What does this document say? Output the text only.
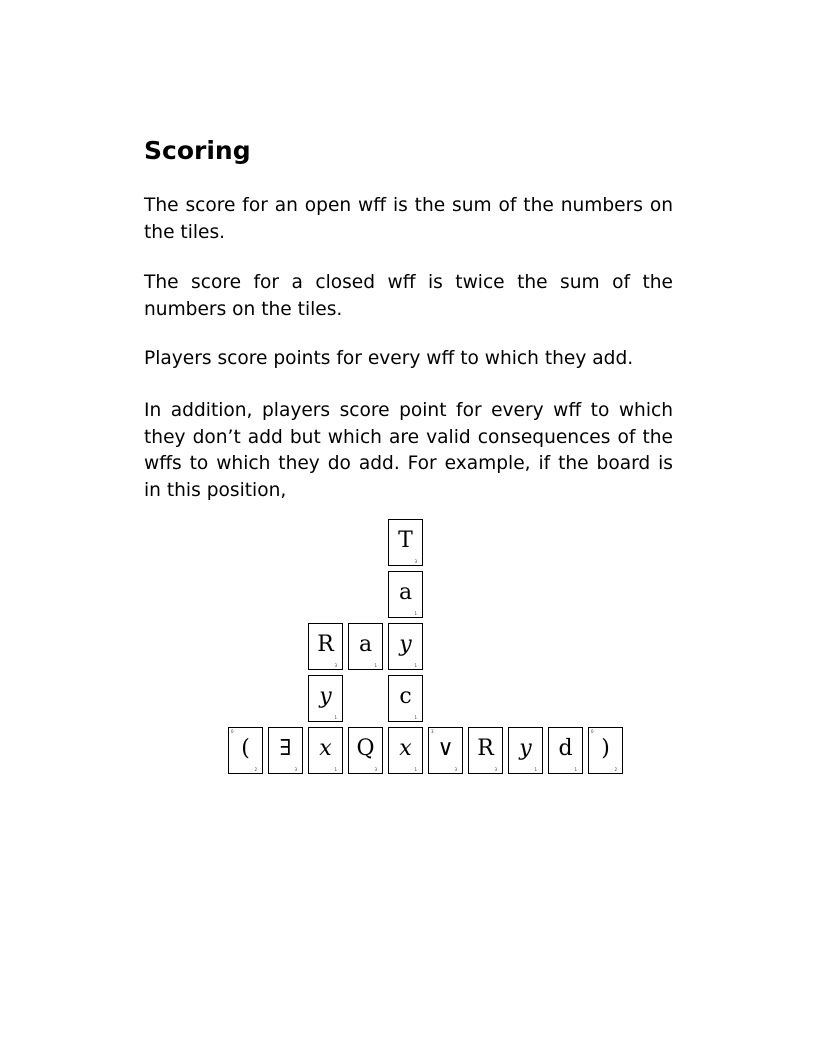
Scoring

The score for an open wff is the sum of the numbers on the tiles.

The score for a closed wff is twice the sum of the numbers on the tiles.

Players score points for every wff to which they add.

In addition, players score point for every wff to which they don’t add but which are valid consequences of the wffs to which they do add. For example, if the board is in this position,

T
3
a
1
y
1
c
1
R
3
a
1
y
1
0
(
2
∃
3
x
1
Q
3
x
1
3
∨
3
R
3
y
1
d
1
0
)
2
